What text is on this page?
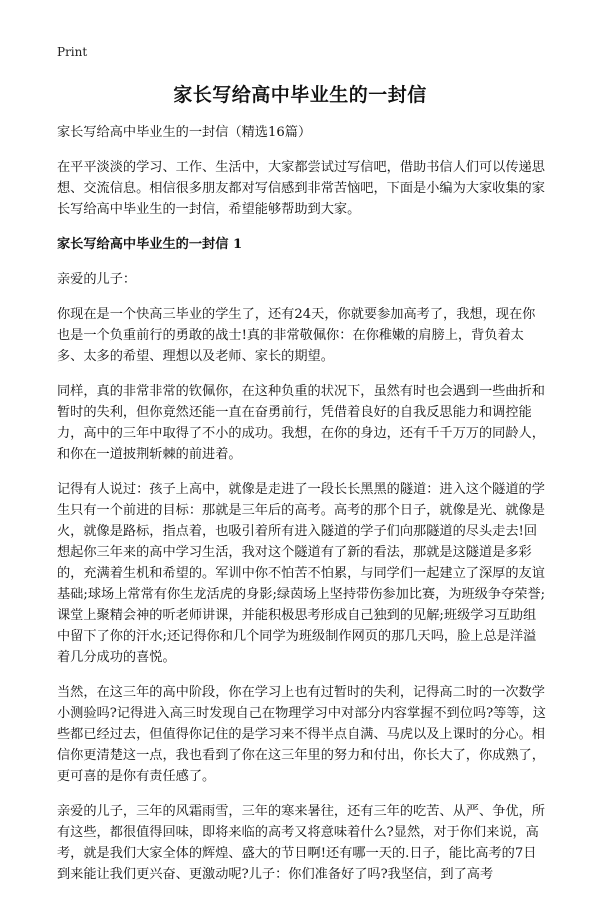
Print
家长写给高中毕业生的一封信

家长写给高中毕业生的一封信（精选16篇）

在平平淡淡的学习、工作、生活中，大家都尝试过写信吧，借助书信人们可以传递思想、交流信息。相信很多朋友都对写信感到非常苦恼吧，下面是小编为大家收集的家长写给高中毕业生的一封信，希望能够帮助到大家。

家长写给高中毕业生的一封信 1

亲爱的儿子：

你现在是一个快高三毕业的学生了，还有24天，你就要参加高考了，我想，现在你也是一个负重前行的勇敢的战士!真的非常敬佩你：在你稚嫩的肩膀上，背负着太多、太多的希望、理想以及老师、家长的期望。

同样，真的非常非常的钦佩你，在这种负重的状况下，虽然有时也会遇到一些曲折和暂时的失利，但你竟然还能一直在奋勇前行，凭借着良好的自我反思能力和调控能力，高中的三年中取得了不小的成功。我想，在你的身边，还有千千万万的同龄人，和你在一道披荆斩棘的前进着。

记得有人说过：孩子上高中，就像是走进了一段长长黑黑的隧道：进入这个隧道的学生只有一个前进的目标：那就是三年后的高考。高考的那个日子，就像是光、就像是火，就像是路标，指点着，也吸引着所有进入隧道的学子们向那隧道的尽头走去!回想起你三年来的高中学习生活，我对这个隧道有了新的看法，那就是这隧道是多彩的，充满着生机和希望的。军训中你不怕苦不怕累，与同学们一起建立了深厚的友谊基础;球场上常常有你生龙活虎的身影;绿茵场上坚持带伤参加比赛，为班级争夺荣誉;课堂上聚精会神的听老师讲课，并能积极思考形成自己独到的见解;班级学习互助组中留下了你的汗水;还记得你和几个同学为班级制作网页的那几天吗，脸上总是洋溢着几分成功的喜悦。

当然，在这三年的高中阶段，你在学习上也有过暂时的失利，记得高二时的一次数学小测验吗?记得进入高三时发现自己在物理学习中对部分内容掌握不到位吗?等等，这些都已经过去，但值得你记住的是学习来不得半点自满、马虎以及上课时的分心。相信你更清楚这一点，我也看到了你在这三年里的努力和付出，你长大了，你成熟了，更可喜的是你有责任感了。

亲爱的儿子，三年的风霜雨雪，三年的寒来暑往，还有三年的吃苦、从严、争优，所有这些，都很值得回味，即将来临的高考又将意味着什么?显然，对于你们来说，高考，就是我们大家全体的辉煌、盛大的节日啊!还有哪一天的.日子，能比高考的7日到来能让我们更兴奋、更激动呢?儿子：你们准备好了吗?我坚信，到了高考
